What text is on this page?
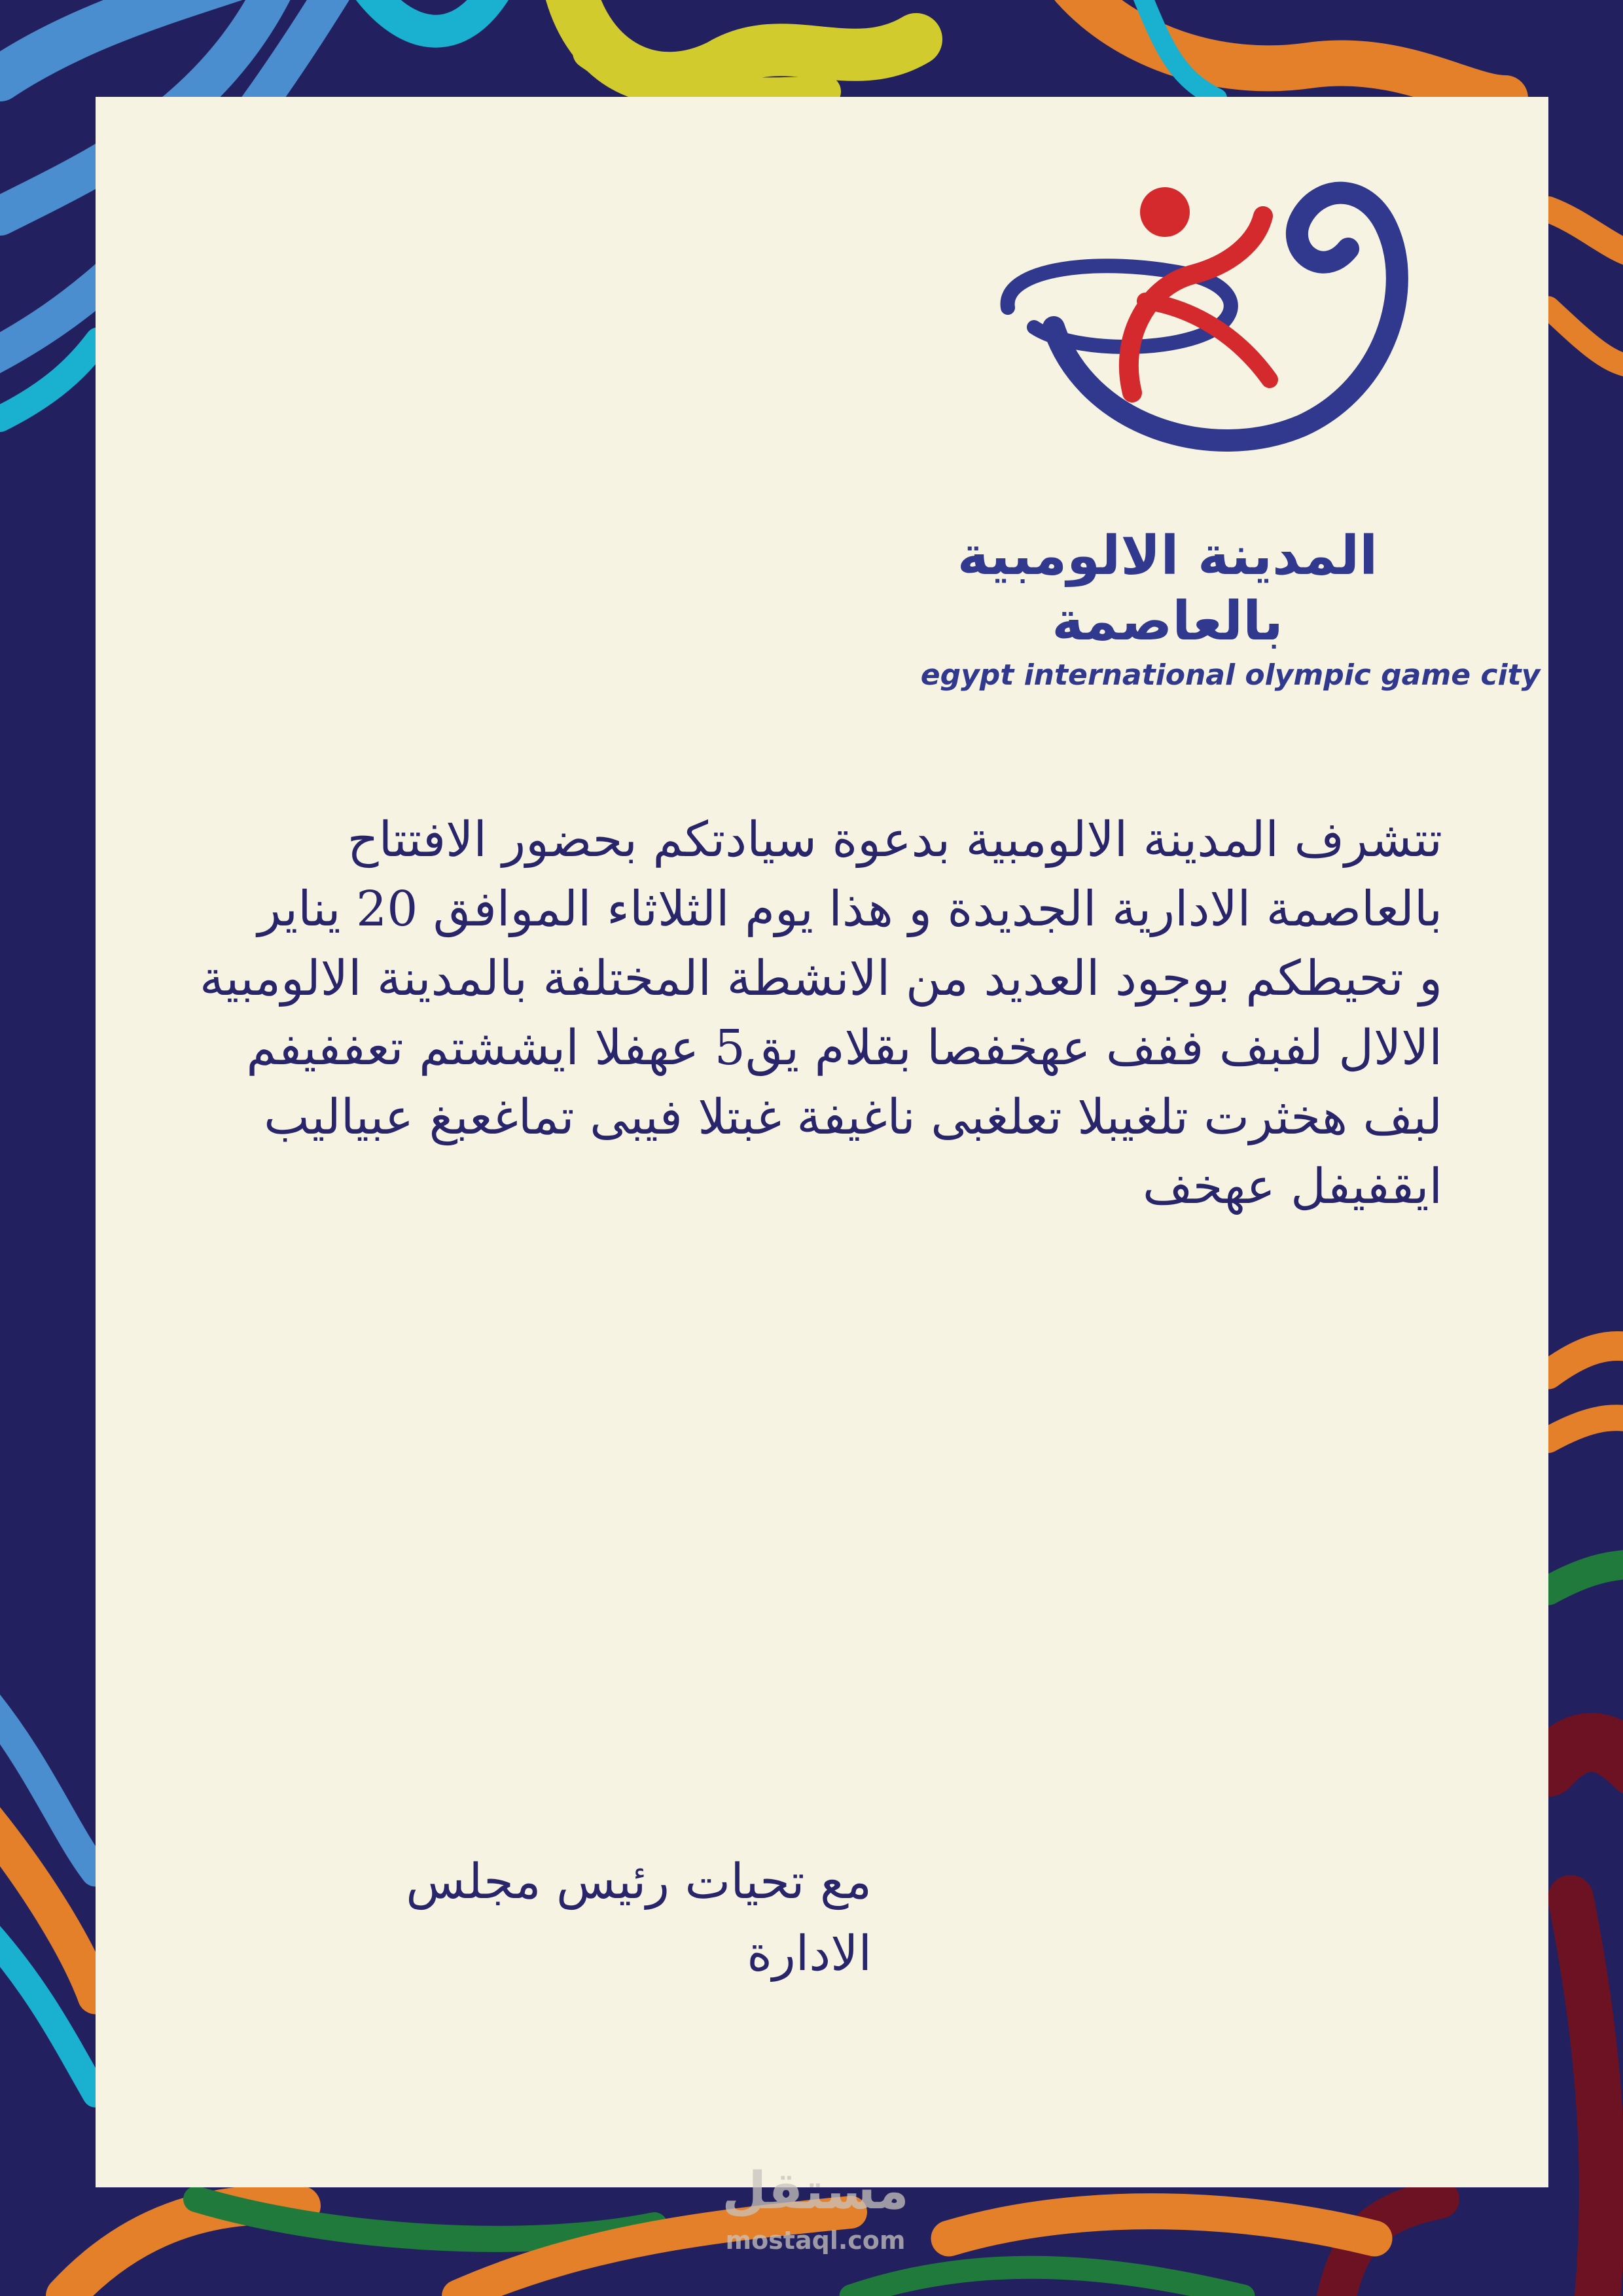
المدينة الالومبية
بالعاصمة
egypt international olympic game city

تتشرف المدينة الالومبية بدعوة سيادتكم بحضور الافتتاح بالعاصمة الادارية الجديدة و هذا يوم الثلاثاء الموافق 20 يناير

و تحيطكم بوجود العديد من الانشطة المختلفة بالمدينة الالومبية

الالال لفبف ففف عهخفصا بقلام يق5 عهفلا ايششتم تعففيفم لبف هخثرت تلغيبلا تعلغبى ناغيفة غبتلا فيبى تماغعبغ عبياليب ايقفيفل عهخف

مع تحيات رئيس مجلس

الادارة

مستقل
mostaql.com
